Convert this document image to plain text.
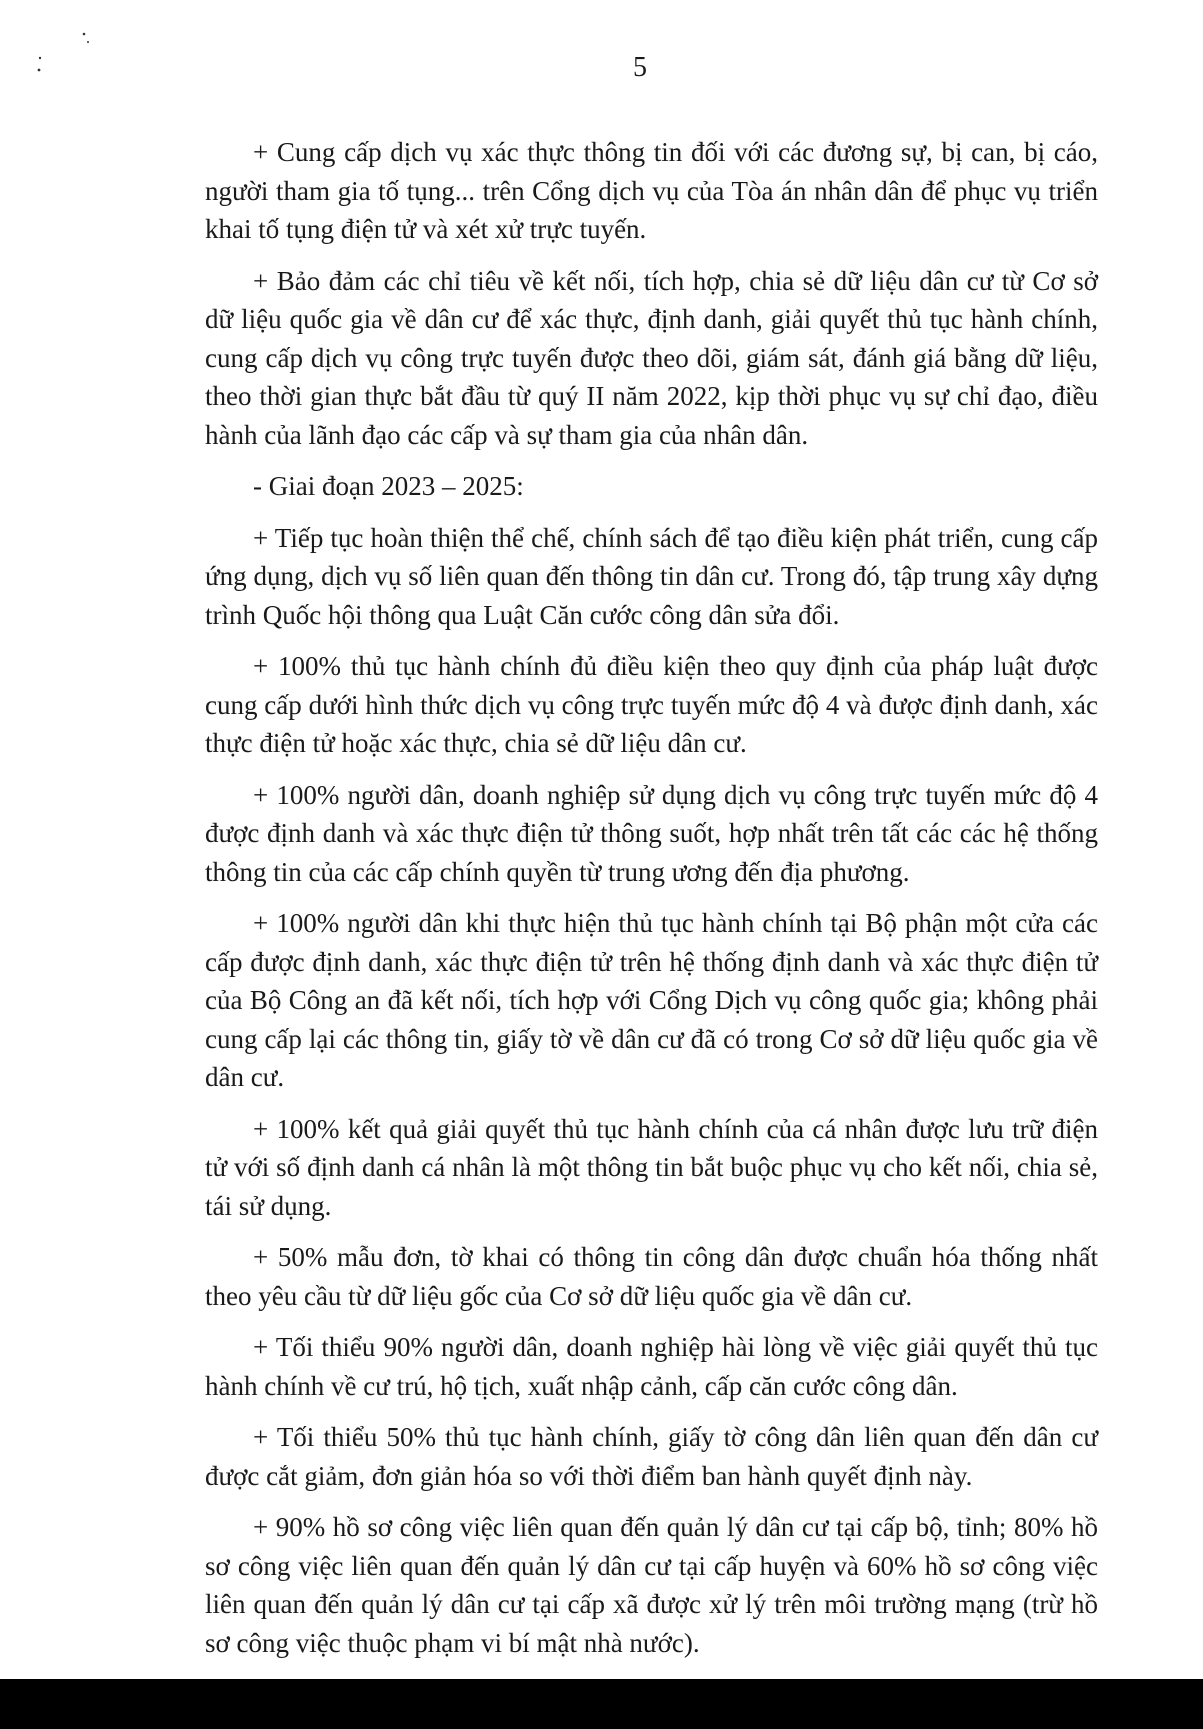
5

+ Cung cấp dịch vụ xác thực thông tin đối với các đương sự, bị can, bị cáo, người tham gia tố tụng... trên Cổng dịch vụ của Tòa án nhân dân để phục vụ triển khai tố tụng điện tử và xét xử trực tuyến.

+ Bảo đảm các chỉ tiêu về kết nối, tích hợp, chia sẻ dữ liệu dân cư từ Cơ sở dữ liệu quốc gia về dân cư để xác thực, định danh, giải quyết thủ tục hành chính, cung cấp dịch vụ công trực tuyến được theo dõi, giám sát, đánh giá bằng dữ liệu, theo thời gian thực bắt đầu từ quý II năm 2022, kịp thời phục vụ sự chỉ đạo, điều hành của lãnh đạo các cấp và sự tham gia của nhân dân.

- Giai đoạn 2023 – 2025:

+ Tiếp tục hoàn thiện thể chế, chính sách để tạo điều kiện phát triển, cung cấp ứng dụng, dịch vụ số liên quan đến thông tin dân cư. Trong đó, tập trung xây dựng trình Quốc hội thông qua Luật Căn cước công dân sửa đổi.

+ 100% thủ tục hành chính đủ điều kiện theo quy định của pháp luật được cung cấp dưới hình thức dịch vụ công trực tuyến mức độ 4 và được định danh, xác thực điện tử hoặc xác thực, chia sẻ dữ liệu dân cư.

+ 100% người dân, doanh nghiệp sử dụng dịch vụ công trực tuyến mức độ 4 được định danh và xác thực điện tử thông suốt, hợp nhất trên tất các các hệ thống thông tin của các cấp chính quyền từ trung ương đến địa phương.

+ 100% người dân khi thực hiện thủ tục hành chính tại Bộ phận một cửa các cấp được định danh, xác thực điện tử trên hệ thống định danh và xác thực điện tử của Bộ Công an đã kết nối, tích hợp với Cổng Dịch vụ công quốc gia; không phải cung cấp lại các thông tin, giấy tờ về dân cư đã có trong Cơ sở dữ liệu quốc gia về dân cư.

+ 100% kết quả giải quyết thủ tục hành chính của cá nhân được lưu trữ điện tử với số định danh cá nhân là một thông tin bắt buộc phục vụ cho kết nối, chia sẻ, tái sử dụng.

+ 50% mẫu đơn, tờ khai có thông tin công dân được chuẩn hóa thống nhất theo yêu cầu từ dữ liệu gốc của Cơ sở dữ liệu quốc gia về dân cư.

+ Tối thiểu 90% người dân, doanh nghiệp hài lòng về việc giải quyết thủ tục hành chính về cư trú, hộ tịch, xuất nhập cảnh, cấp căn cước công dân.

+ Tối thiểu 50% thủ tục hành chính, giấy tờ công dân liên quan đến dân cư được cắt giảm, đơn giản hóa so với thời điểm ban hành quyết định này.

+ 90% hồ sơ công việc liên quan đến quản lý dân cư tại cấp bộ, tỉnh; 80% hồ sơ công việc liên quan đến quản lý dân cư tại cấp huyện và 60% hồ sơ công việc liên quan đến quản lý dân cư tại cấp xã được xử lý trên môi trường mạng (trừ hồ sơ công việc thuộc phạm vi bí mật nhà nước).
